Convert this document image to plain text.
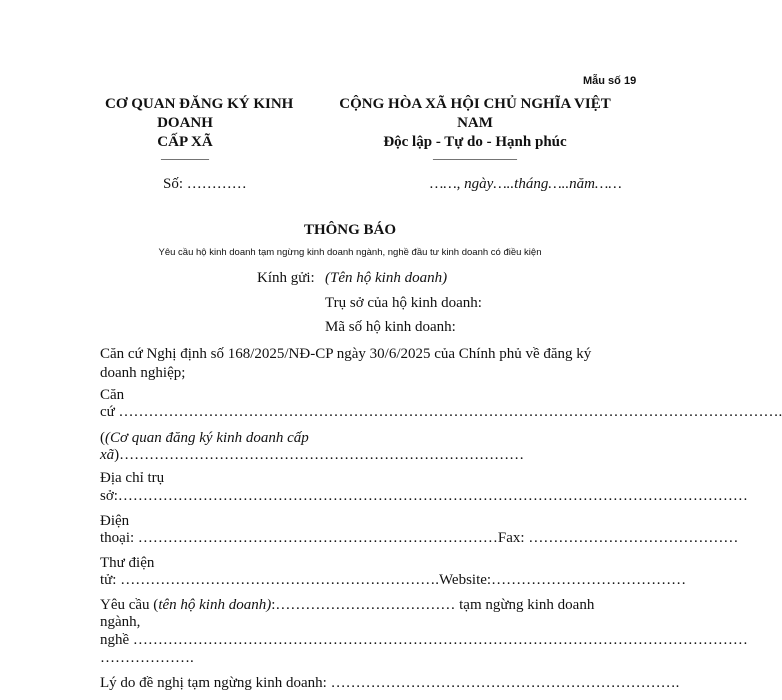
Mẫu số 19
CƠ QUAN ĐĂNG KÝ KINH
DOANH
CẤP XÃ
––––––––
CỘNG HÒA XÃ HỘI CHỦ NGHĨA VIỆT
NAM
Độc lập - Tự do - Hạnh phúc
––––––––––––––
Số: …………	……, ngày…..tháng…..năm……
THÔNG BÁO
Yêu cầu hộ kinh doanh tạm ngừng kinh doanh ngành, nghề đầu tư kinh doanh có điều kiện
Kính gửi: (Tên hộ kinh doanh)
Trụ sở của hộ kinh doanh:
Mã số hộ kinh doanh:
Căn cứ Nghị định số 168/2025/NĐ-CP ngày 30/6/2025 của Chính phủ về đăng ký doanh nghiệp;
Căn
cứ …………………………………………………………………………………………………………………….
((Cơ quan đăng ký kinh doanh cấp
xã)………………………………………………………………………
Địa chỉ trụ
sở:………………………………………………………………………………………………………………
Điện
thoại: ………………………………………………………………Fax: ……………………………………
Thư điện
tử: ……………………………………………………….Website:…………………………………
Yêu cầu (tên hộ kinh doanh):……………………………… tạm ngừng kinh doanh
ngành,
nghề ……………………………………………………………………………………………………………
……………….
Lý do đề nghị tạm ngừng kinh doanh: …………………………………………………………….
